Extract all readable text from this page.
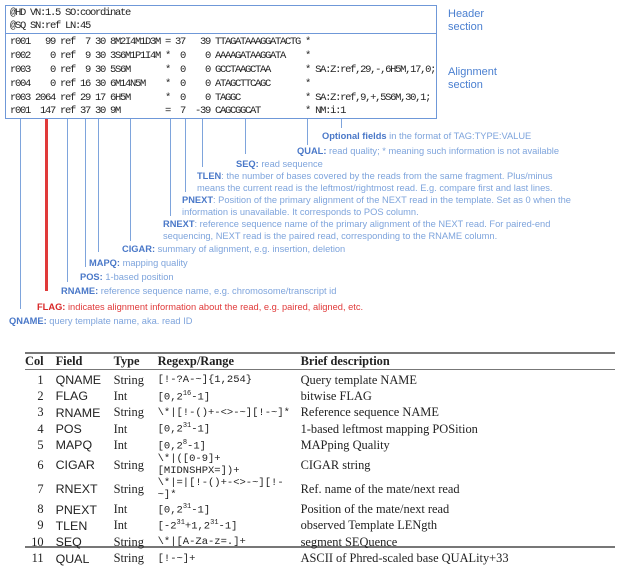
@HD VN:1.5 SO:coordinate
@SQ SN:ref LN:45
r001   99 ref  7 30 8M2I4M1D3M = 37   39 TTAGATAAAGGATACTG *
r002    0 ref  9 30 3S6M1P1I4M *  0    0 AAAAGATAAGGATA    *
r003    0 ref  9 30 5S6M       *  0    0 GCCTAAGCTAA       * SA:Z:ref,29,-,6H5M,17,0;
r004    0 ref 16 30 6M14N5M    *  0    0 ATAGCTTCAGC       *
r003 2064 ref 29 17 6H5M       *  0    0 TAGGC             * SA:Z:ref,9,+,5S6M,30,1;
r001  147 ref 37 30 9M         =  7  -39 CAGCGGCAT         * NM:i:1
Header section
Alignment section
Optional fields in the format of TAG:TYPE:VALUE
QUAL: read quality; * meaning such information is not available
SEQ: read sequence
TLEN: the number of bases covered by the reads from the same fragment. Plus/minus
means the current read is the leftmost/rightmost read. E.g. compare first and last lines.
PNEXT: Position of the primary alignment of the NEXT read in the template. Set as 0 when the
information is unavailable. It corresponds to POS column.
RNEXT: reference sequence name of the primary alignment of the NEXT read. For paired-end
sequencing, NEXT read is the paired read, corresponding to the RNAME column.
CIGAR: summary of alignment, e.g. insertion, deletion
MAPQ: mapping quality
POS: 1-based position
RNAME: reference sequence name, e.g. chromosome/transcript id
FLAG: indicates alignment information about the read, e.g. paired, aligned, etc.
QNAME: query template name, aka. read ID
Col	Field	Type	Regexp/Range	Brief description
1	QNAME	String	[!-?A-~]{1,254}	Query template NAME
2	FLAG	Int	$[0,2^{16}-1]$	bitwise FLAG
3	RNAME	String	\*|[!-()+-<>-~][!-~]*	Reference sequence NAME
4	POS	Int	$[0,2^{31}-1]$	1-based leftmost mapping POSition
5	MAPQ	Int	$[0,2^8-1]$	MAPping Quality
6	CIGAR	String	\*|([0-9]+[MIDNSHPX=])+	CIGAR string
7	RNEXT	String	\*|=|[!-()+-<>-~][!-~]*	Ref. name of the mate/next read
8	PNEXT	Int	$[0,2^{31}-1]$	Position of the mate/next read
9	TLEN	Int	$[-2^{31}+1,2^{31}-1]$	observed Template LENgth
10	SEQ	String	\*|[A-Za-z=.]+	segment SEQuence
11	QUAL	String	[!-~]+	ASCII of Phred-scaled base QUALity+33
